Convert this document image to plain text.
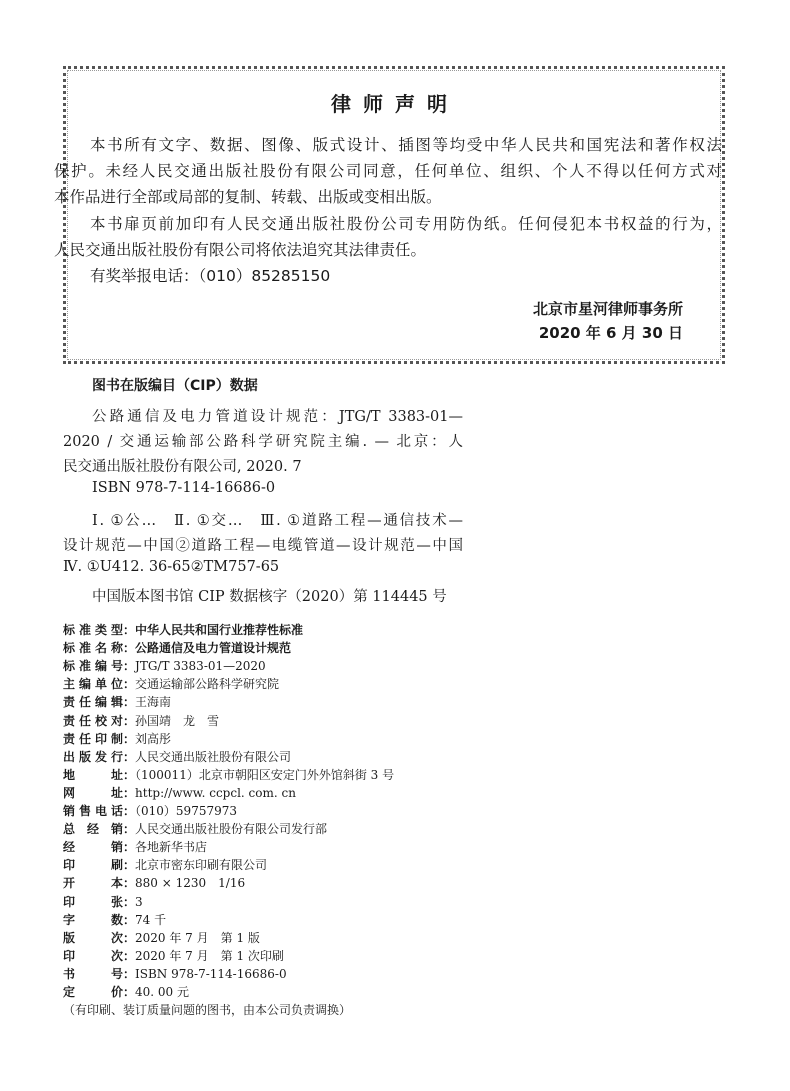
律师声明
本书所有文字、数据、图像、版式设计、插图等均受中华人民共和国宪法和著作权法
保护。未经人民交通出版社股份有限公司同意，任何单位、组织、个人不得以任何方式对
本作品进行全部或局部的复制、转载、出版或变相出版。
本书扉页前加印有人民交通出版社股份公司专用防伪纸。任何侵犯本书权益的行为，
人民交通出版社股份有限公司将依法追究其法律责任。
有奖举报电话：（010）85285150
北京市星河律师事务所
2020 年 6 月 30 日
图书在版编目（CIP）数据
公路通信及电力管道设计规范：JTG/T 3383-01—
2020 / 交通运输部公路科学研究院主编. — 北京：人
民交通出版社股份有限公司, 2020. 7
ISBN 978-7-114-16686-0
Ⅰ. ①公…　Ⅱ. ①交…　Ⅲ. ①道路工程—通信技术—
设计规范—中国②道路工程—电缆管道—设计规范—中国
Ⅳ. ①U412. 36-65②TM757-65
中国版本图书馆 CIP 数据核字（2020）第 114445 号
标准类型：中华人民共和国行业推荐性标准
标准名称：公路通信及电力管道设计规范
标准编号：JTG/T 3383-01—2020
主编单位：交通运输部公路科学研究院
责任编辑：王海南
责任校对：孙国靖　龙　雪
责任印制：刘高彤
出版发行：人民交通出版社股份有限公司
地址：（100011）北京市朝阳区安定门外外馆斜街 3 号
网址：http://www. ccpcl. com. cn
销售电话：（010）59757973
总经销：人民交通出版社股份有限公司发行部
经销：各地新华书店
印刷：北京市密东印刷有限公司
开本：880 × 1230　1/16
印张：3
字数：74 千
版次：2020 年 7 月　第 1 版
印次：2020 年 7 月　第 1 次印刷
书号：ISBN 978-7-114-16686-0
定价：40. 00 元
（有印刷、装订质量问题的图书，由本公司负责调换）
